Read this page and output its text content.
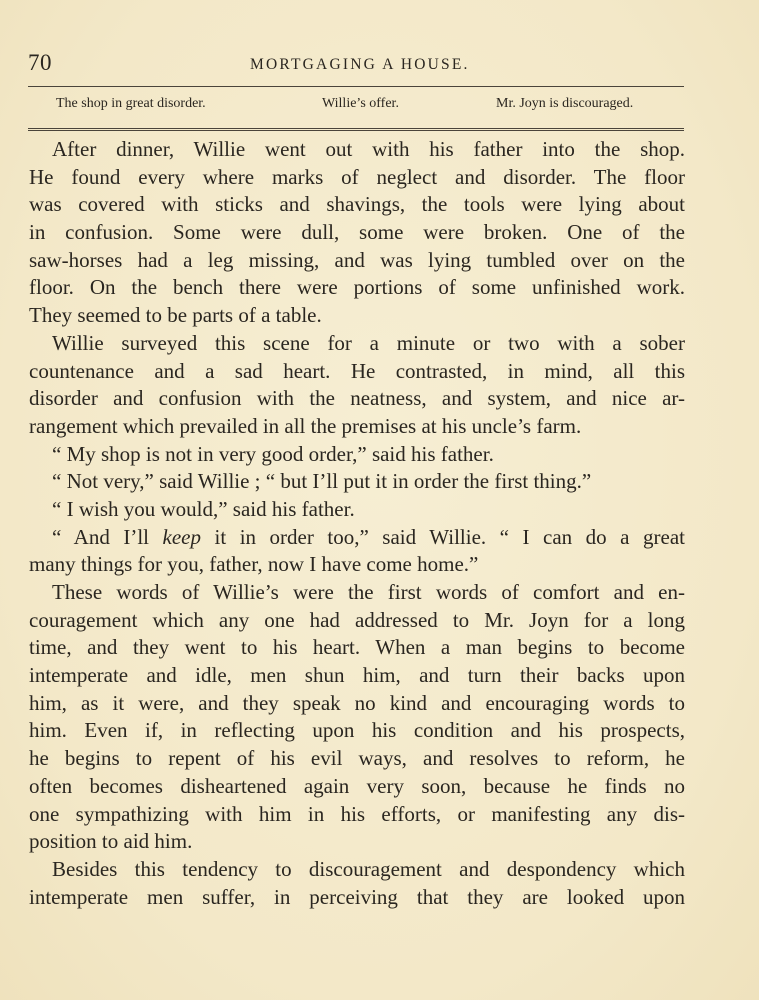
70	MORTGAGING A HOUSE.
The shop in great disorder.	Willie’s offer.	Mr. Joyn is discouraged.
After dinner, Willie went out with his father into the shop.
He found every where marks of neglect and disorder. The floor
was covered with sticks and shavings, the tools were lying about
in confusion. Some were dull, some were broken. One of the
saw-horses had a leg missing, and was lying tumbled over on the
floor. On the bench there were portions of some unfinished work.
They seemed to be parts of a table.
Willie surveyed this scene for a minute or two with a sober
countenance and a sad heart. He contrasted, in mind, all this
disorder and confusion with the neatness, and system, and nice ar-
rangement which prevailed in all the premises at his uncle’s farm.
“ My shop is not in very good order,” said his father.
“ Not very,” said Willie ; “ but I’ll put it in order the first thing.”
“ I wish you would,” said his father.
“ And I’ll keep it in order too,” said Willie. “ I can do a great
many things for you, father, now I have come home.”
These words of Willie’s were the first words of comfort and en-
couragement which any one had addressed to Mr. Joyn for a long
time, and they went to his heart. When a man begins to become
intemperate and idle, men shun him, and turn their backs upon
him, as it were, and they speak no kind and encouraging words to
him. Even if, in reflecting upon his condition and his prospects,
he begins to repent of his evil ways, and resolves to reform, he
often becomes disheartened again very soon, because he finds no
one sympathizing with him in his efforts, or manifesting any dis-
position to aid him.
Besides this tendency to discouragement and despondency which
intemperate men suffer, in perceiving that they are looked upon
